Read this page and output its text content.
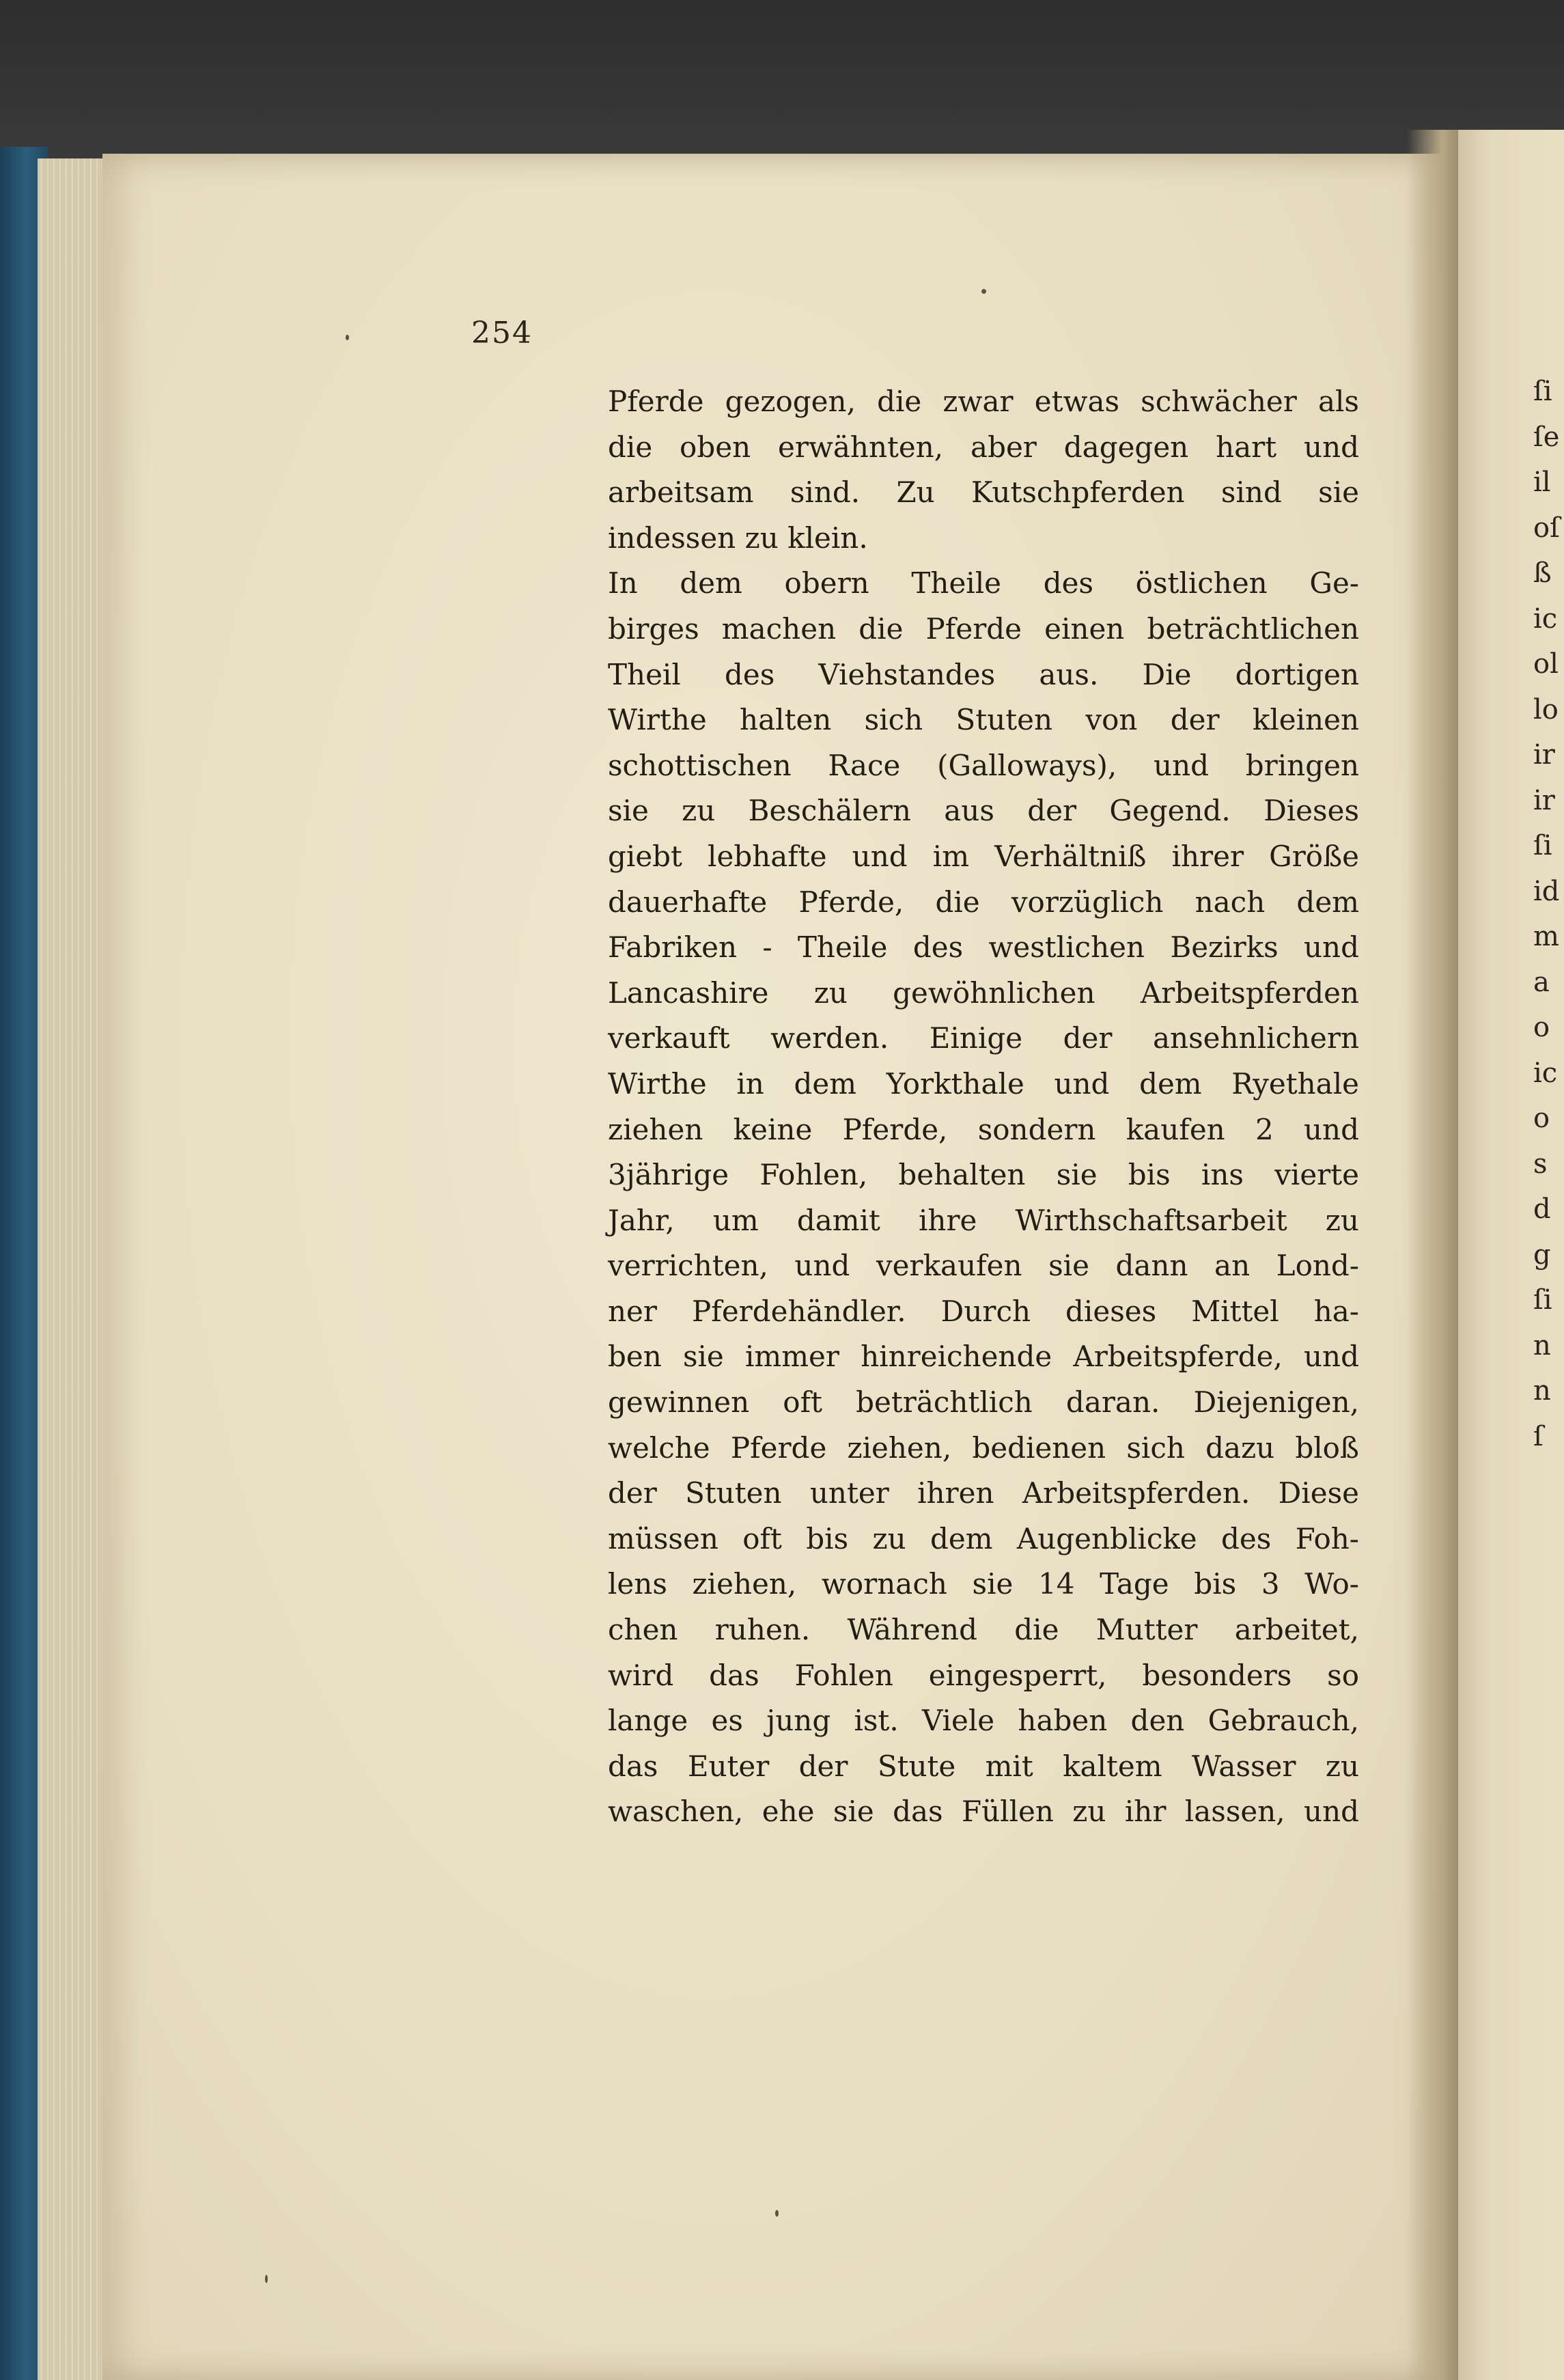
ſi
ſe
il
oſ
ß
ic
ol
lo
ir
ir
ſi
id
m
a
o
ic
o
s
d
g
ſi
n
n
ſ
254
Pferde gezogen, die zwar etwas schwächer als
die oben erwähnten, aber dagegen hart und
arbeitsam sind. Zu Kutschpferden sind sie
indessen zu klein.
In dem obern Theile des östlichen Ge-
birges machen die Pferde einen beträchtlichen
Theil des Viehstandes aus. Die dortigen
Wirthe halten sich Stuten von der kleinen
schottischen Race (Galloways), und bringen
sie zu Beschälern aus der Gegend. Dieses
giebt lebhafte und im Verhältniß ihrer Größe
dauerhafte Pferde, die vorzüglich nach dem
Fabriken - Theile des westlichen Bezirks und
Lancashire zu gewöhnlichen Arbeitspferden
verkauft werden. Einige der ansehnlichern
Wirthe in dem Yorkthale und dem Ryethale
ziehen keine Pferde, sondern kaufen 2 und
3jährige Fohlen, behalten sie bis ins vierte
Jahr, um damit ihre Wirthschaftsarbeit zu
verrichten, und verkaufen sie dann an Lond-
ner Pferdehändler. Durch dieses Mittel ha-
ben sie immer hinreichende Arbeitspferde, und
gewinnen oft beträchtlich daran. Diejenigen,
welche Pferde ziehen, bedienen sich dazu bloß
der Stuten unter ihren Arbeitspferden. Diese
müssen oft bis zu dem Augenblicke des Foh-
lens ziehen, wornach sie 14 Tage bis 3 Wo-
chen ruhen. Während die Mutter arbeitet,
wird das Fohlen eingesperrt, besonders so
lange es jung ist. Viele haben den Gebrauch,
das Euter der Stute mit kaltem Wasser zu
waschen, ehe sie das Füllen zu ihr lassen, und
